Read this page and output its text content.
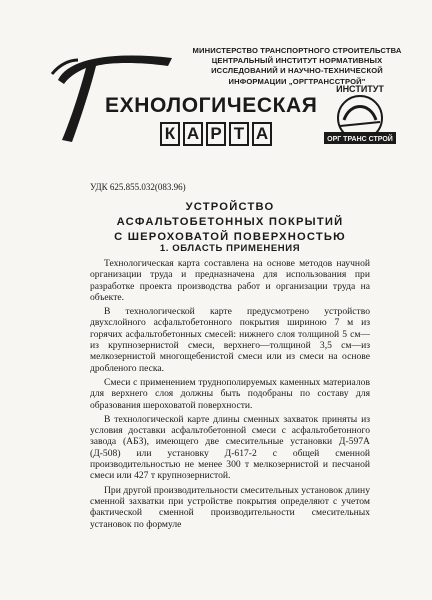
МИНИСТЕРСТВО ТРАНСПОРТНОГО СТРОИТЕЛЬСТВА
ЦЕНТРАЛЬНЫЙ ИНСТИТУТ НОРМАТИВНЫХ
ИССЛЕДОВАНИЙ И НАУЧНО-ТЕХНИЧЕСКОЙ
ИНФОРМАЦИИ „ОРГТРАНССТРОЙ"
ЕХНОЛОГИЧЕСКАЯ
К А Р Т А
ИНСТИТУТ
ОРГ ТРАНС СТРОЙ
УДК 625.855.032(083.96)
УСТРОЙСТВО
АСФАЛЬТОБЕТОННЫХ ПОКРЫТИЙ
С ШЕРОХОВАТОЙ ПОВЕРХНОСТЬЮ
1. ОБЛАСТЬ ПРИМЕНЕНИЯ

Технологическая карта составлена на основе методов научной организации труда и предназначена для использования при разработке проекта производства работ и организации труда на объекте.

В технологической карте предусмотрено устройство двухслойного асфальтобетонного покрытия шириною 7 м из горячих асфальтобетонных смесей: нижнего слоя толщиной 5 см—из крупнозернистой смеси, верхнего—толщиной 3,5 см—из мелкозернистой многощебенистой смеси или из смеси на основе дробленого песка.

Смеси с применением труднополируемых каменных материалов для верхнего слоя должны быть подобраны по составу для образования шероховатой поверхности.

В технологической карте длины сменных захваток приняты из условия доставки асфальтобетонной смеси с асфальтобетонного завода (АБЗ), имеющего две смесительные установки Д-597А (Д-508) или установку Д-617-2 с общей сменной производительностью не менее 300 т мелкозернистой и песчаной смеси или 427 т крупнозернистой.

При другой производительности смесительных установок длину сменной захватки при устройстве покрытия определяют с учетом фактической сменной производительности смесительных установок по формуле
